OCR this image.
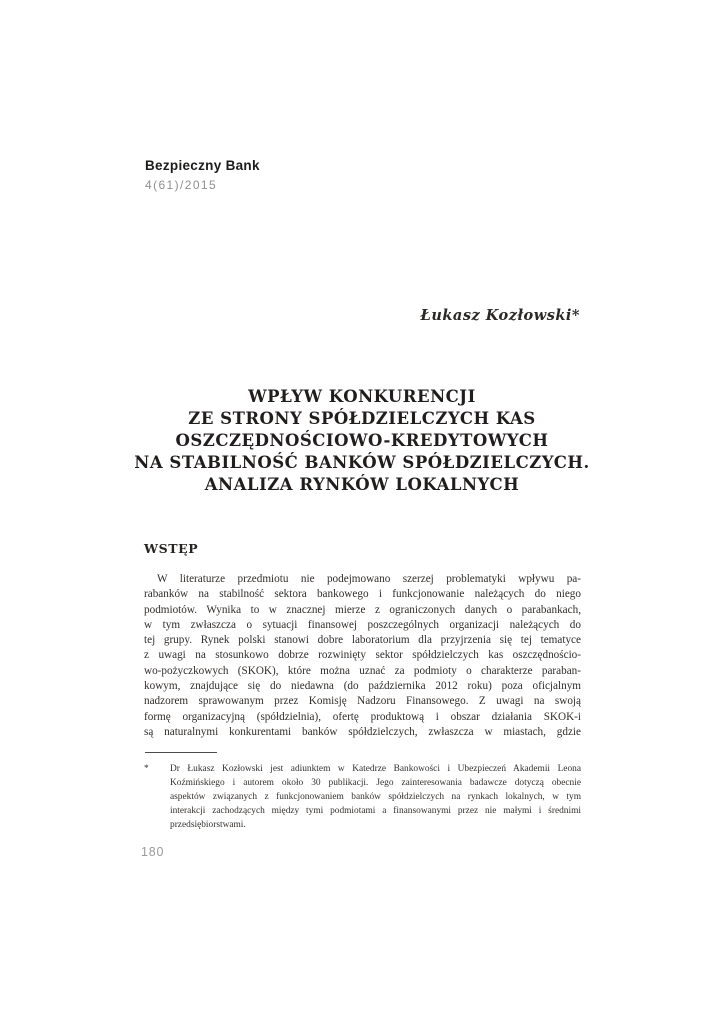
Bezpieczny Bank
4(61)/2015
Łukasz Kozłowski*
WPŁYW KONKURENCJI
ZE STRONY SPÓŁDZIELCZYCH KAS
OSZCZĘDNOŚCIOWO-KREDYTOWYCH
NA STABILNOŚĆ BANKÓW SPÓŁDZIELCZYCH.
ANALIZA RYNKÓW LOKALNYCH
WSTĘP
W literaturze przedmiotu nie podejmowano szerzej problematyki wpływu pa-
rabanków na stabilność sektora bankowego i funkcjonowanie należących do niego
podmiotów. Wynika to w znacznej mierze z ograniczonych danych o parabankach,
w tym zwłaszcza o sytuacji finansowej poszczególnych organizacji należących do
tej grupy. Rynek polski stanowi dobre laboratorium dla przyjrzenia się tej tematyce
z uwagi na stosunkowo dobrze rozwinięty sektor spółdzielczych kas oszczędnościo-
wo-pożyczkowych (SKOK), które można uznać za podmioty o charakterze paraban-
kowym, znajdujące się do niedawna (do października 2012 roku) poza oficjalnym
nadzorem sprawowanym przez Komisję Nadzoru Finansowego. Z uwagi na swoją
formę organizacyjną (spółdzielnia), ofertę produktową i obszar działania SKOK-i
są naturalnymi konkurentami banków spółdzielczych, zwłaszcza w miastach, gdzie
*	Dr Łukasz Kozłowski jest adiunktem w Katedrze Bankowości i Ubezpieczeń Akademii Leona
Koźmińskiego i autorem około 30 publikacji. Jego zainteresowania badawcze dotyczą obecnie
aspektów związanych z funkcjonowaniem banków spółdzielczych na rynkach lokalnych, w tym
interakcji zachodzących między tymi podmiotami a finansowanymi przez nie małymi i średnimi
przedsiębiorstwami.
180
